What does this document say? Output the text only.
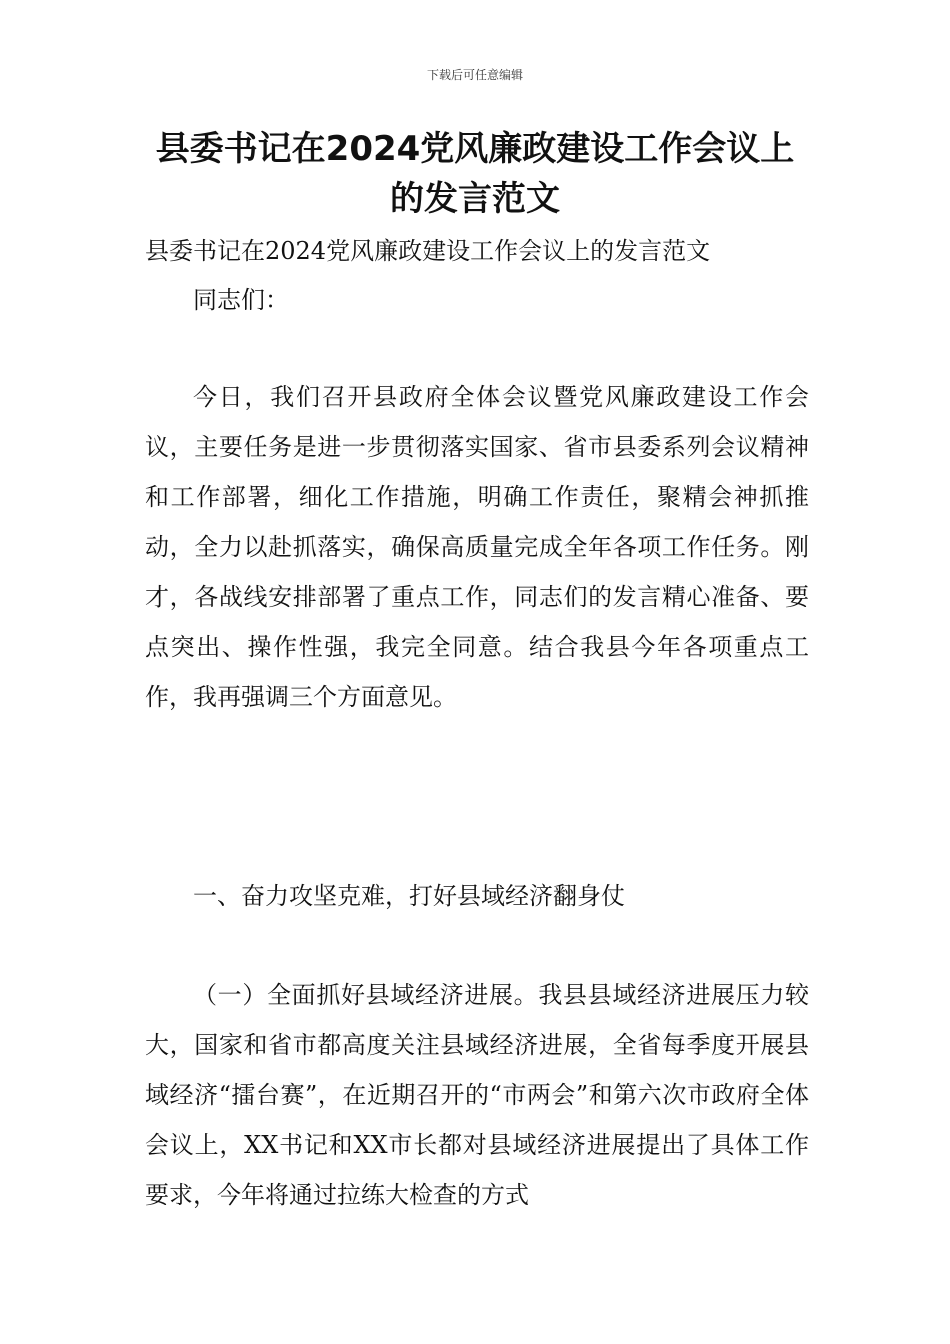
下载后可任意编辑
县委书记在2024党风廉政建设工作会议上的发言范文

县委书记在2024党风廉政建设工作会议上的发言范文

同志们：

今日，我们召开县政府全体会议暨党风廉政建设工作会议，主要任务是进一步贯彻落实国家、省市县委系列会议精神和工作部署，细化工作措施，明确工作责任，聚精会神抓推动，全力以赴抓落实，确保高质量完成全年各项工作任务。刚才，各战线安排部署了重点工作，同志们的发言精心准备、要点突出、操作性强，我完全同意。结合我县今年各项重点工作，我再强调三个方面意见。

一、奋力攻坚克难，打好县域经济翻身仗

（一）全面抓好县域经济进展。我县县域经济进展压力较大，国家和省市都高度关注县域经济进展，全省每季度开展县域经济“擂台赛”，在近期召开的“市两会”和第六次市政府全体会议上，XX书记和XX市长都对县域经济进展提出了具体工作要求，今年将通过拉练大检查的方式
